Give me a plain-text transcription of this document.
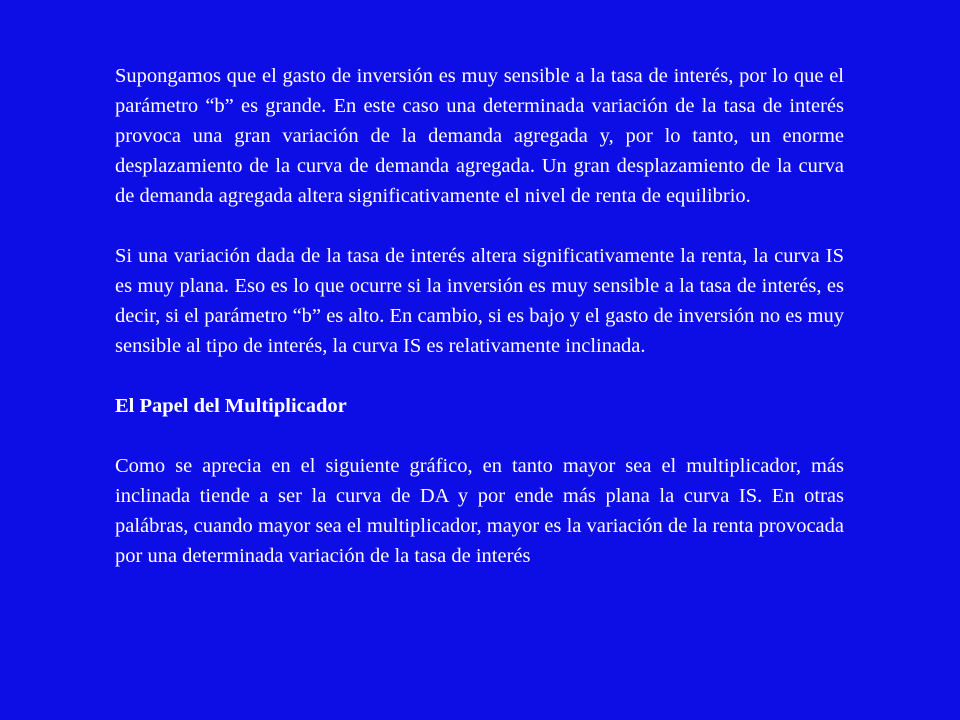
Supongamos que el gasto de inversión es muy sensible a la tasa de interés, por lo que el parámetro “b” es grande. En este caso una determinada variación de la tasa de interés provoca una gran variación de la demanda agregada y, por lo tanto, un enorme desplazamiento de la curva de demanda agregada. Un gran desplazamiento de la curva de demanda agregada altera significativamente el nivel de renta de equilibrio.

Si una variación dada de la tasa de interés altera significativamente la renta, la curva IS es muy plana. Eso es lo que ocurre si la inversión es muy sensible a la tasa de interés, es decir, si el parámetro “b” es alto. En cambio, si es bajo y el gasto de inversión no es muy sensible al tipo de interés, la curva IS es relativamente inclinada.

El Papel del Multiplicador

Como se aprecia en el siguiente gráfico, en tanto mayor sea el multiplicador, más inclinada tiende a ser la curva de DA y por ende más plana la curva IS. En otras palábras, cuando mayor sea el multiplicador, mayor es la variación de la renta provocada por una determinada variación de la tasa de interés
